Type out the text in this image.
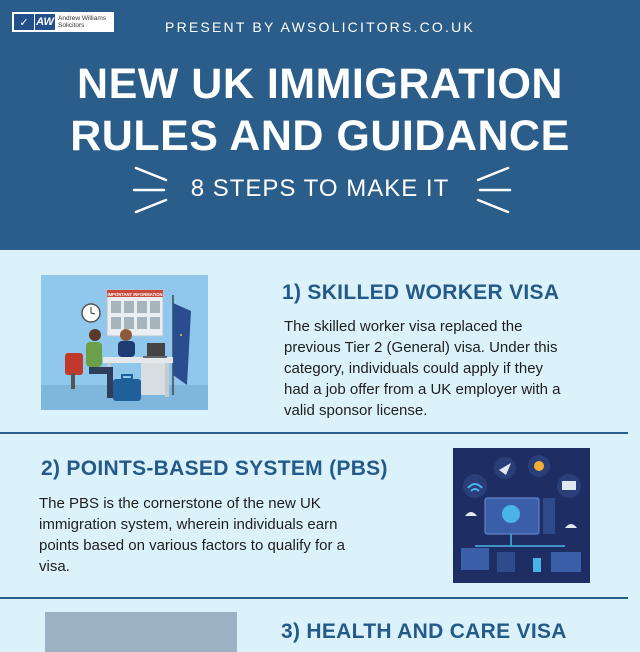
✓ AW Andrew Williams
Solicitors	PRESENT BY AWSOLICITORS.CO.UK
NEW UK IMMIGRATION
RULES AND GUIDANCE
8 STEPS TO MAKE IT
IMPORTANT INFORMATION	1) SKILLED WORKER VISA

The skilled worker visa replaced the
previous Tier 2 (General) visa. Under this
category, individuals could apply if they
had a job offer from a UK employer with a
valid sponsor license.

2) POINTS-BASED SYSTEM (PBS)

The PBS is the cornerstone of the new UK
immigration system, wherein individuals earn
points based on various factors to qualify for a
visa.

3) HEALTH AND CARE VISA
